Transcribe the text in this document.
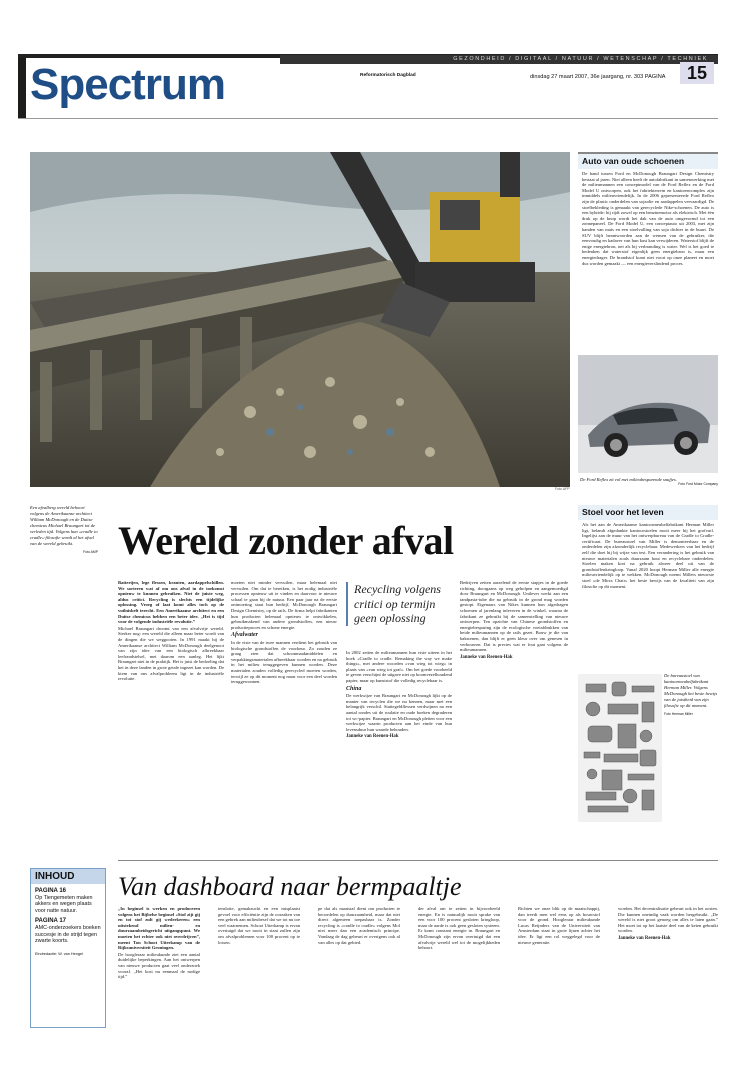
GEZONDHEID / DIGITAAL / NATUUR / WETENSCHAP / TECHNIEK
Spectrum	Reformatorisch Dagblad	dinsdag 27 maart 2007, 36e jaargang, nr. 303 PAGINA	15
Foto AFP
Auto van oude schoenen
De band tussen Ford en McDonough Braungart Design Chemistry bestaat al jaren. Niet alleen heeft de autofabrikant in samenwerking met de milieumannen een conceptmodel van de Ford Reflex en de Ford Model U ontworpen, ook het fabriekterrein en kantorencomplex zijn inmiddels milieuvriendelijk. In de 2006 gepresenteerde Ford Reflex zijn de plastic onderdelen van sojaolie en aardappelen vervaardigd. De stoelbekleding is gemaakt van gerecyclede Nike-schoenen. De auto is een hybride: hij rijdt zowel op een benzinemotor als elektrisch. Met één druk op de knop wordt het dak van de auto omgevormd tot een zonnepaneel. De Ford Model U, een conceptauto uit 2003, met zijn banden van maïs en een stoelvulling van soja dichter in de buurt. De SUV blijft beantwoorden aan de wensen van de gebruiker, die eenvoudig en kadaver van hun kast kan verwijderen. Waterstof blijft de enige energiebron, net als bij verbranding is water. Wel is het goed te bedenken dat waterstof eigenlijk geen energiebron is, maar een energiedrager. De brandstof komt niet voort op onze planeet en moet dus worden gemaakt — een energieverslindend proces.
De Ford Reflex zit vol met milieubesparende snufjes.
Foto Ford Motor Company
Stoel voor het leven
Als het aan de Amerikaanse kantoormeubelfabrikant Herman Miller ligt, belandt afgedankte kantoorstoelen nooit meer bij het grofvuil. Ingelijst aan de muur van het ontwerpbureau van de Cradle to Cradle-certificaat. De bureaustoel van Miller is demonteerbaar en de onderdelen zijn afzonderlijk recyclebaar. Medewerkers van het bedrijf zelf die doet hij bij wijze van test. Een verandering is het gebruik van nieuwe materialen zoals duurzaam hout en recyclebare onderdelen. Stoelen maken kort na gebruik alweer deel uit van de grondstoffenkringloop. Vanaf 2020 hoopt Herman Miller alle energie milieuvriendelijk op te wekken. McDonough noemt Millers nieuwste stoel «de Mirra Chair» het beste bewijs van de kwaliteit van zijn filosofie op dit moment.
De bureaustoel van kantoormeubelfabrikant Herman Miller. Volgens McDonough het beste bewijs van de juistheid van zijn filosofie op dit moment.
Foto Herman Miller
Een afvalberg wereld behoort volgens de Amerikaanse architect William McDonough en de Duitse chemicus Michael Braungart tot de verleden tijd. Volgens hun «cradle to cradle»-filosofie wordt al het afval van de wereld gebruikt.
Foto AMP Wereld zonder afval

Batterijen, lege flessen, kranten, aardappelschillen. We sorteren wat af om ons afval in de toekomst opnieuw te kunnen gebruiken. Niet de juiste weg, aldus critici. Recycling is slechts een tijdelijke oplossing. Vroeg of laat komt alles toch op de vuilnisbelt terecht. Een Amerikaanse architect en een Duitse chemicus hebben een beter idee. „Het is tijd voor de volgende industriële revolutie.”

Michael Braungart droomt van een afvalvrije wereld. Sterker nog: een wereld die alleen maar beter wordt van de dingen die we weggooien. In 1991 maakt hij de Amerikaanse architect William McDonough deelgenoot van zijn idee van een biologisch afbreekbaar leefrandstelsel, met daarom een aanleg. Het lijkt Braungart niet in de praktijk. Het is juist de bedoeling dat het in deze landen in grote getale ingezet kan worden. De kiem van ons afvalprobleem ligt in de industriële revolutie.

moeten niet minder vervuilen, maar helemaal niet vervuilen. Om dat te bereiken, is het nodig industriële processen opnieuw uit te vinden en daarvoor te nieuwe schaal te gaan bij de natuur. Een paar jaar na de eerste ontmoeting staat hun bedrijf, McDonough Braungart Design Chemistry, op de rails. De firma helpt fabrikanten hun producten helemaal opnieuw te ontwikkelen, gebruikmakend van andere grondstoffen, een nieuw productieproces en schone energie.

Afvalwater

In de visie van de twee mannen verdient het gebruik van biologische grondstoffen de voorkeur. Zo zouden ze graag zien dat schoonmaakmiddelen en verpakkingsmaterialen afbreekbaar worden en na gebruik in het milieu teruggegeven kunnen worden. Deze materialen zouden volledig gerecycled moeten worden, terwijl ze op dit moment nog maar voor een deel worden teruggewonnen.

Recycling volgens critici op termijn geen oplossing

In 2002 zetten de milieumannen hun visie uiteen in het boek «Cradle to cradle. Remaking the way we make things», met andere woorden «van wieg tot wieg» in plaats van «van wieg tot graf». Om het goede voorbeeld te geven verschijnt de uitgave niet op boomvezelhoudend papier, maar op kunststof die volledig recyclebaar is.

China

De werkwijze van Braungart en McDonough lijkt op de manier van recyclen die we nu kennen, maar met een belangrijk verschil. Statiegeldflessen verdwijnen na een aantal rondes uit de roulatie en oude boeken degraderen tot wc-papier. Braungart en McDonough pleiten voor een werkwijze waarin producten aan het einde van hun levensduur hun waarde behouden.

Janneke van Reenen-Hak

Bedrijven zetten aarzelend de eerste stapjes in de goede richting, doorgaans op weg geholpen en aangemoedigd door Braungart en McDonough. Unilever werkt aan een tandpasta-tube die na gebruik in de grond mag worden gestopt. Eigenaars van Nikes kunnen hun afgedragen schoenen al jarenlang inleveren in de winkel, waarna de fabrikant ze gebruikt bij de samenstelling van nieuwe ontwerpen. Ten opzichte van Chinese grondstoffen en energiebesparing zijn de ecologische voetafdrukken van beide milieumannen op de rails gezet. Bouw je die van bakstenen, dan blijft er geen kleur over om genesen in verbouwen. Dat is precies wat er fout gaat volgens de milieumannen.

Janneke van Reenen-Hak
INHOUD
PAGINA 16
Op Tiengemeten maken akkers en wegen plaats voor natte natuur.
PAGINA 17
AMC-onderzoekers boeken succesje in de strijd tegen zwarte koorts.
Eindredactie: W. van Hengel
Van dashboard naar bermpaaltje

„In beginsel is werken en produceren volgens het Bijbelse beginsel «Stof zijt gij en tot stof zult gij wederkeren» een uitstekend milieu- en duurzaamheidsgericht uitgangspunt. We moeten het echter ook niet overdrijven”, meent Ton Schoot Uiterkamp van de Rijksuniversiteit Groningen.

De hoogleraar milieukunde ziet een aantal duidelijke beperkingen. Aan het ontwerpen van nieuwe producten gaat veel onderzoek vooraf. „Het kost nu eenmaal de nodige tijd.”

tenslotte, gemakzucht en een misplaatst gevoel voor efficiëntie zijn de oorzaken van een gebrek aan milieubesef dat we tot nu toe veel waarnemen. Schoot Uiterkamp is ervan overtuigd dat we nooit in staat zullen zijn om afvalproblemen voor 100 procent op te lossen.

pe dat als maatstaf dient om producten te beoordelen op duurzaamheid, maar dat niet direct algemeen toepasbaar is. Zonder recycling is «cradle to cradle» volgens Mol niet meer dan een academisch principe. Vandaag de dag gebeurt er overigens ook al van alles op dat gebied.

der afval om te zetten in bijvoorbeeld energie. En is natuurlijk nooit sprake van een voor 100 procent gesloten kringloop, maar de aarde is ook geen gesloten systeem. Er komt constant energie in. Braungart en McDonough zijn ervan overtuigd dat een afvalvrije wereld wel tot de mogelijkheden behoort.

Richten we onze blik op de maatschappij, dan treedt men wel eens op als bouwstof voor de grond. Hoogleraar milieukunde Lucas Reijnders van de Universiteit van Amsterdam staat in grote lijnen achter het idee. Er ligt een rol weggelegd voor de nieuwe generatie.

worden. Het decentralisatie gebeurt ook in het oosten. Die kunnen oneindig vaak worden hergebruikt. „De wereld is niet groot genoeg om alles te laten gaan.” Het moet tot op het laatste deel van de keten gebruikt worden.

Janneke van Reenen-Hak
